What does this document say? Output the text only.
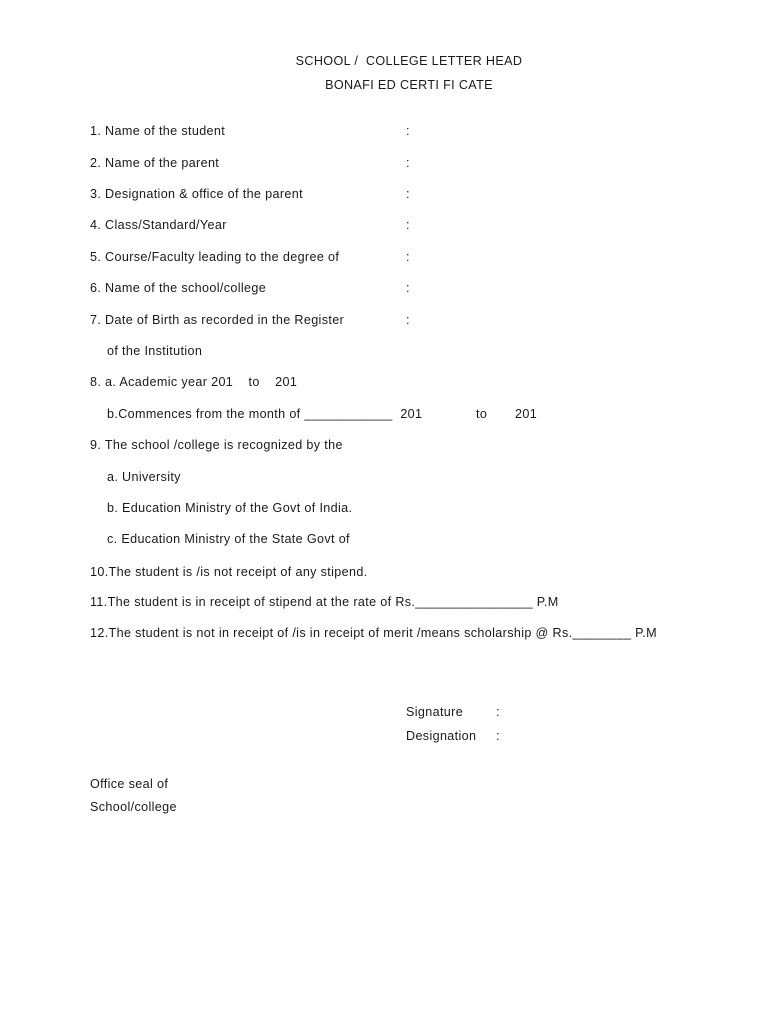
SCHOOL /  COLLEGE LETTER HEAD
BONAFI ED CERTI FI CATE
1. Name of the student	:
2. Name of the parent	:
3. Designation & office of the parent	:
4. Class/Standard/Year	:
5. Course/Faculty leading to the degree of	:
6. Name of the school/college	:
7. Date of Birth as recorded in the Register	:
of the Institution
8. a. Academic year 201    to    201
b.Commences from the month of ____________  201	to 201
9. The school /college is recognized by the
a. University
b. Education Ministry of the Govt of India.
c. Education Ministry of the State Govt of
10.The student is /is not receipt of any stipend.
11.The student is in receipt of stipend at the rate of Rs.________________ P.M
12.The student is not in receipt of /is in receipt of merit /means scholarship @ Rs.________ P.M
Signature	:
Designation :
Office seal of
School/college
